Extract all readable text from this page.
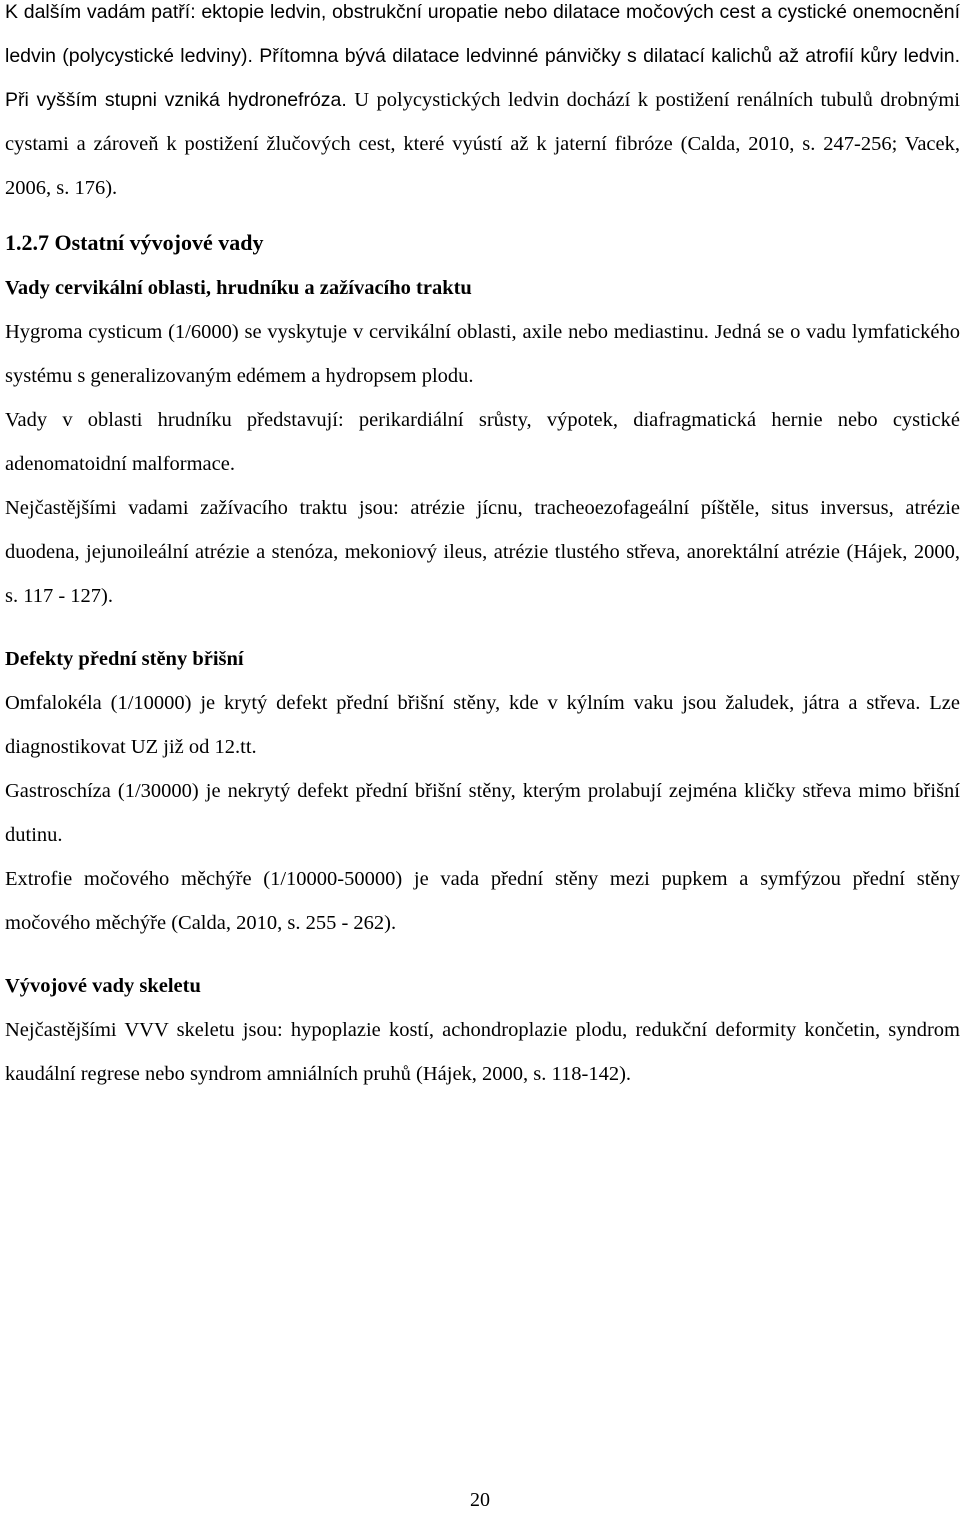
K dalším vadám patří: ektopie ledvin, obstrukční uropatie nebo dilatace močových cest a cystické onemocnění ledvin (polycystické ledviny). Přítomna bývá dilatace ledvinné pánvičky s dilatací kalichů až atrofií kůry ledvin. Při vyšším stupni vzniká hydronefróza. U polycystických ledvin dochází k postižení renálních tubulů drobnými cystami a zároveň k postižení žlučových cest, které vyústí až k jaterní fibróze (Calda, 2010, s. 247-256; Vacek, 2006, s. 176).

1.2.7 Ostatní vývojové vady
Vady cervikální oblasti, hrudníku a zažívacího traktu

Hygroma cysticum (1/6000) se vyskytuje v cervikální oblasti, axile nebo mediastinu. Jedná se o vadu lymfatického systému s generalizovaným edémem a hydropsem plodu.

Vady v oblasti hrudníku představují: perikardiální srůsty, výpotek, diafragmatická hernie nebo cystické adenomatoidní malformace.

Nejčastějšími vadami zažívacího traktu jsou: atrézie jícnu, tracheoezofageální píštěle, situs inversus, atrézie duodena, jejunoileální atrézie a stenóza, mekoniový ileus, atrézie tlustého střeva, anorektální atrézie (Hájek, 2000, s. 117 - 127).

Defekty přední stěny břišní

Omfalokéla (1/10000) je krytý defekt přední břišní stěny, kde v kýlním vaku jsou žaludek, játra a střeva. Lze diagnostikovat UZ již od 12.tt.

Gastroschíza (1/30000) je nekrytý defekt přední břišní stěny, kterým prolabují zejména kličky střeva mimo břišní dutinu.

Extrofie močového měchýře (1/10000-50000) je vada přední stěny mezi pupkem a symfýzou přední stěny močového měchýře (Calda, 2010, s. 255 - 262).

Vývojové vady skeletu

Nejčastějšími VVV skeletu jsou: hypoplazie kostí, achondroplazie plodu, redukční deformity končetin, syndrom kaudální regrese nebo syndrom amniálních pruhů (Hájek, 2000, s. 118-142).

20
